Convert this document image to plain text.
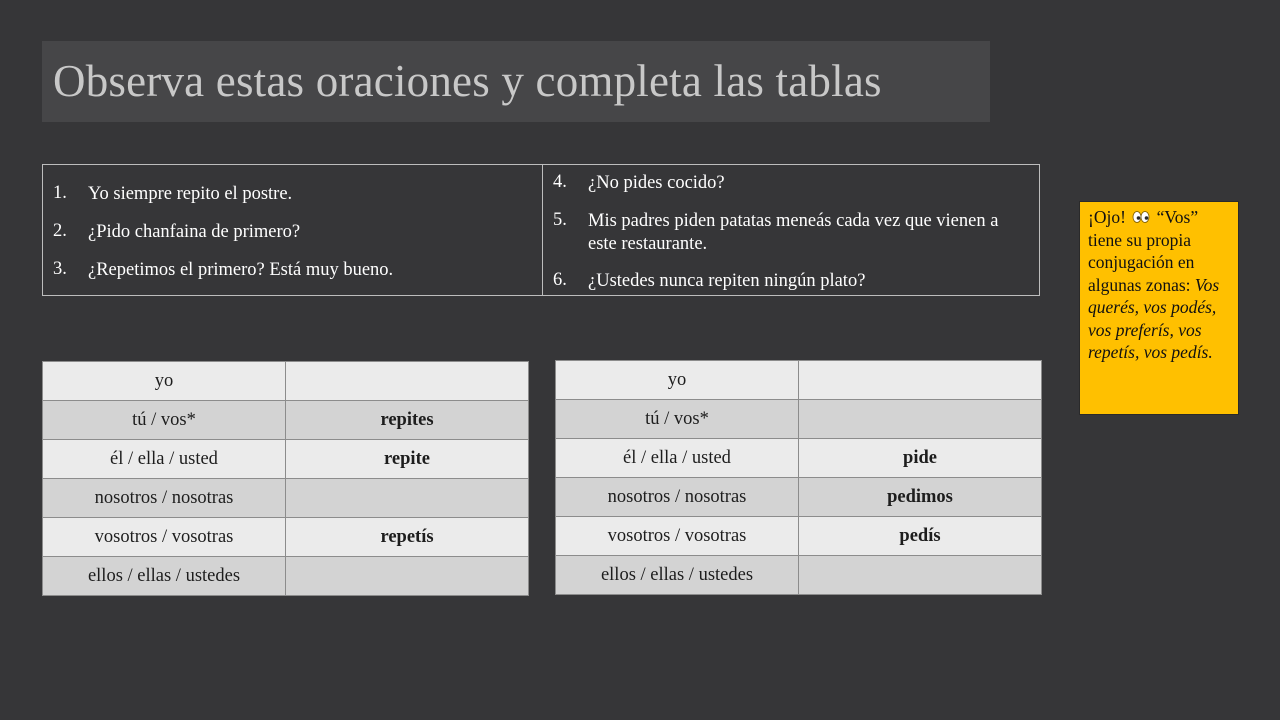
Observa estas oraciones y completa las tablas
1.	Yo siempre repito el postre.
2.	¿Pido chanfaina de primero?
3.	¿Repetimos el primero? Está muy bueno.
4.	¿No pides cocido?
5.	Mis padres piden patatas meneás cada vez que vienen a este restaurante.
6.	¿Ustedes nunca repiten ningún plato?
yo	
tú / vos*	repites
él / ella / usted	repite
nosotros / nosotras	
vosotros / vosotras	repetís
ellos / ellas / ustedes	
yo	
tú / vos*	
él / ella / usted	pide
nosotros / nosotras	pedimos
vosotros / vosotras	pedís
ellos / ellas / ustedes	
¡Ojo! “Vos” tiene su propia conjugación en algunas zonas: Vos querés, vos podés, vos preferís, vos repetís, vos pedís.
